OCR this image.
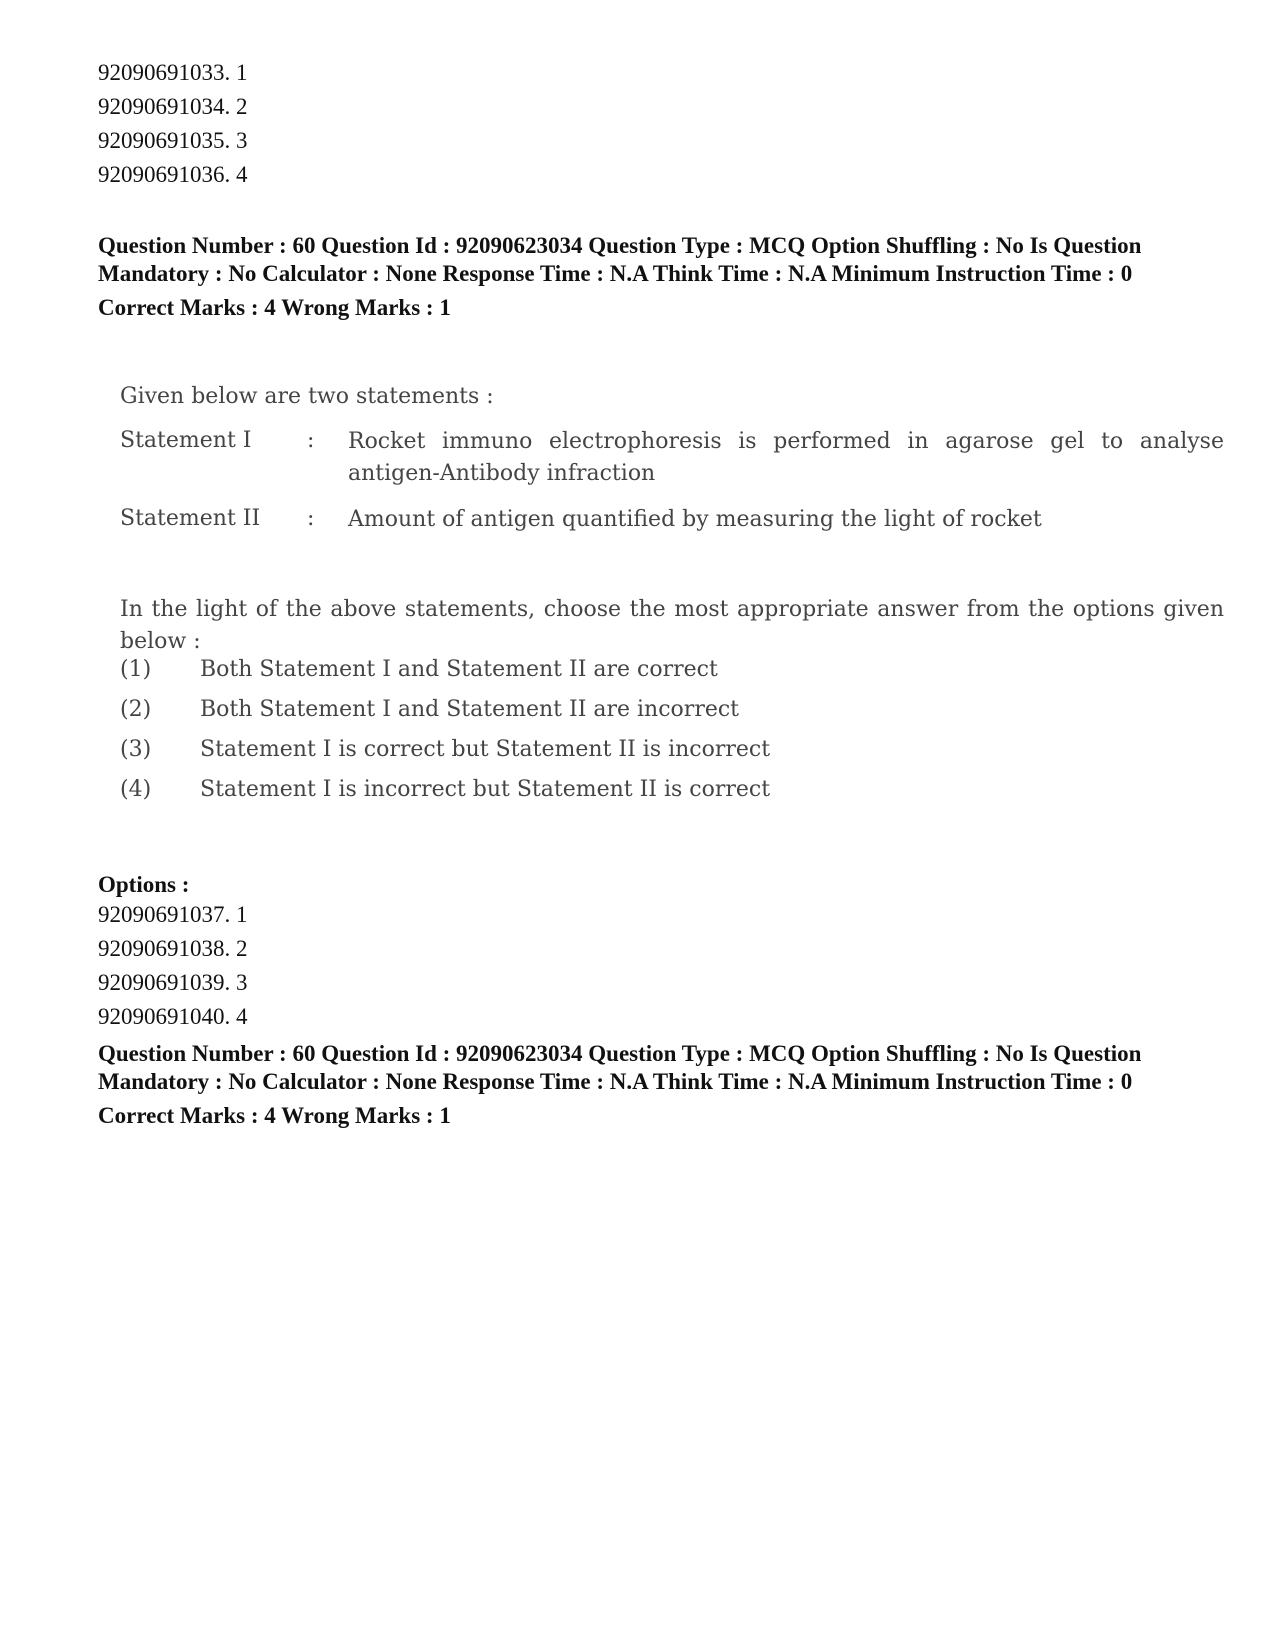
92090691033. 1
92090691034. 2
92090691035. 3
92090691036. 4
Question Number : 60 Question Id : 92090623034 Question Type : MCQ Option Shuffling : No Is Question Mandatory : No Calculator : None Response Time : N.A Think Time : N.A Minimum Instruction Time : 0
Correct Marks : 4 Wrong Marks : 1
Given below are two statements :
Statement I	: Rocket immuno electrophoresis is performed in agarose gel to analyse antigen-Antibody infraction
Statement II : Amount of antigen quantified by measuring the light of rocket
In the light of the above statements, choose the most appropriate answer from the options given below :
(1) Both Statement I and Statement II are correct
(2) Both Statement I and Statement II are incorrect
(3) Statement I is correct but Statement II is incorrect
(4) Statement I is incorrect but Statement II is correct
Options :
92090691037. 1
92090691038. 2
92090691039. 3
92090691040. 4
Question Number : 60 Question Id : 92090623034 Question Type : MCQ Option Shuffling : No Is Question Mandatory : No Calculator : None Response Time : N.A Think Time : N.A Minimum Instruction Time : 0
Correct Marks : 4 Wrong Marks : 1
